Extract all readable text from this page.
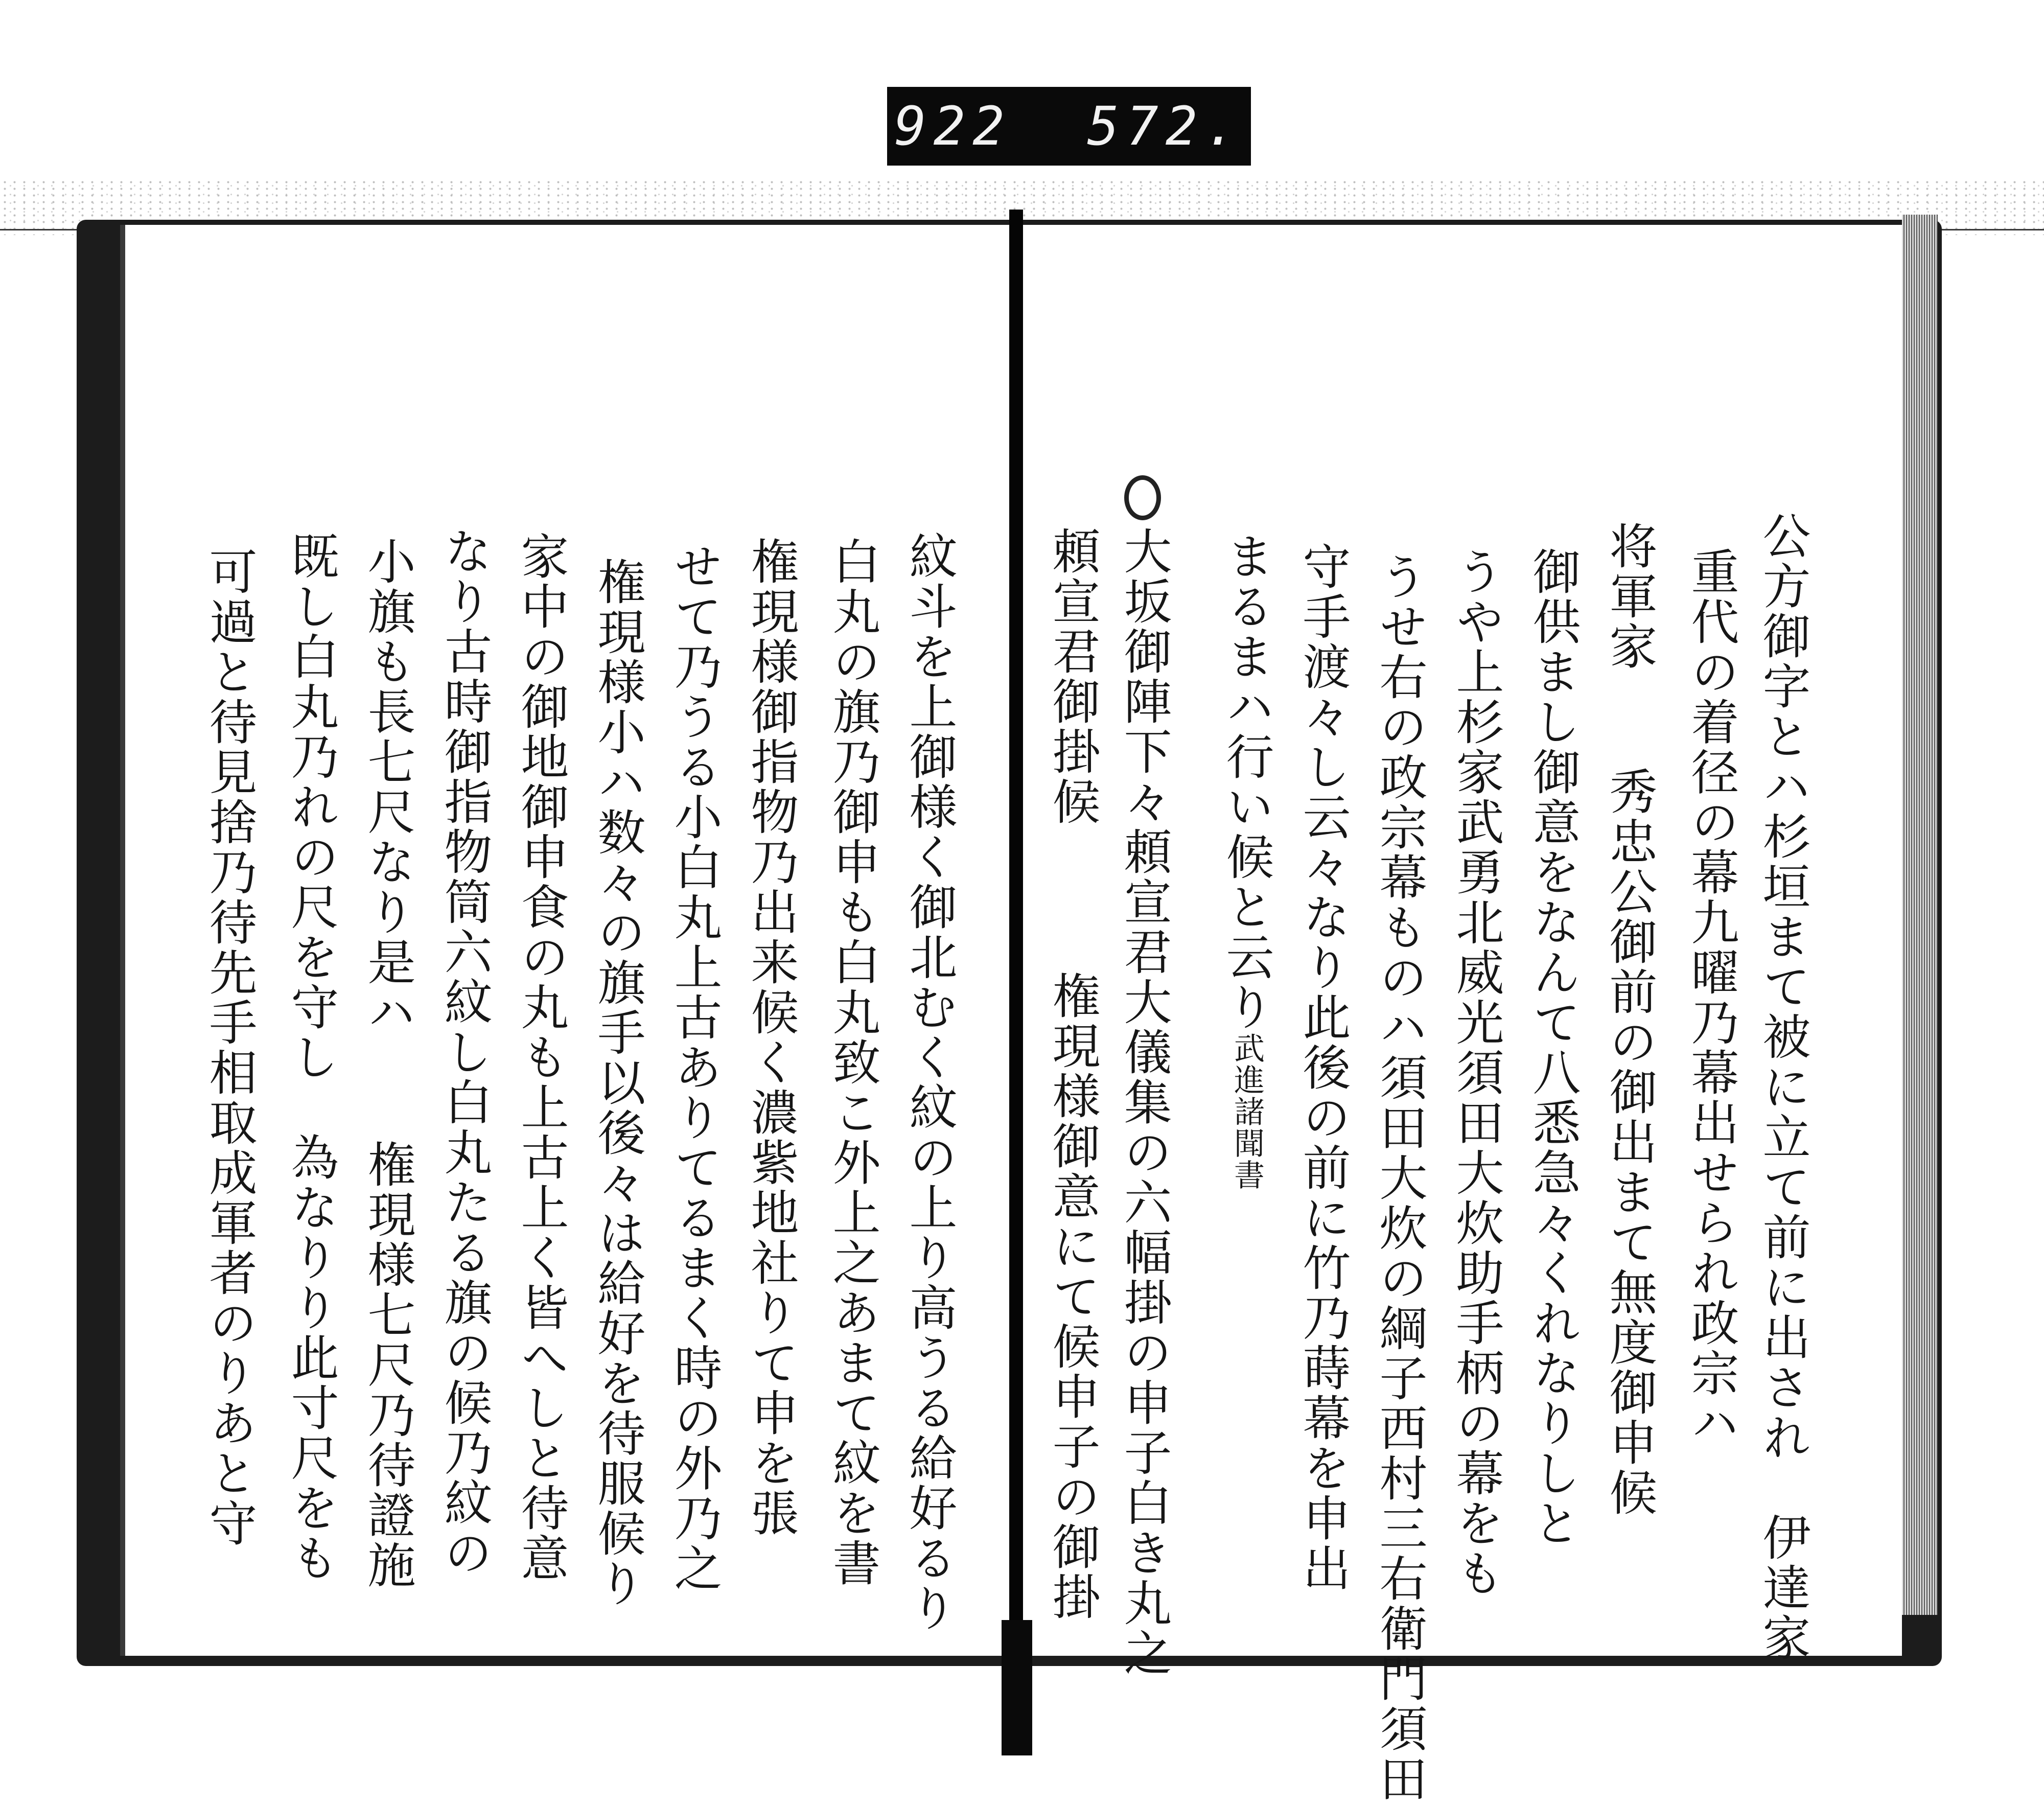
922 572.
公方御字とハ杉垣まて被に立て前に出され　伊達家
重代の着径の幕九曜乃幕出せられ政宗ハ
将軍家
秀忠公御前の御出まて無度御申候
御供まし御意をなんて八悉急々くれなりしと
うや上杉家武勇北威光須田大炊助手柄の幕をも
うせ右の政宗幕ものハ須田大炊の綱子西村三右衛門須田
守手渡々し云々なり此後の前に竹乃蒔幕を申出
まるまハ行い候と云り
武進諸聞書
大坂御陣下々頼宣君大儀集の六幅掛の申子白き丸之
権現様御意にて候申子の御掛
頼宣君御掛候
紋斗を上御様く御北むく紋の上り高うる給好るり
白丸の旗乃御申も白丸致こ外上之あまて紋を書
権現様御指物乃出来候く濃紫地社りて申を張
せて乃うる小白丸上古ありてるまく時の外乃之
権現様小ハ数々の旗手以後々は給好を待服候り
家中の御地御申食の丸も上古上く皆へしと待意
なり古時御指物筒六紋し白丸たる旗の候乃紋の
小旗も長七尺なり是ハ
権現様七尺乃待證施
既し白丸乃れの尺を守し　為なりり此寸尺をも
可過と待見捨乃待先手相取成軍者のりあと守
